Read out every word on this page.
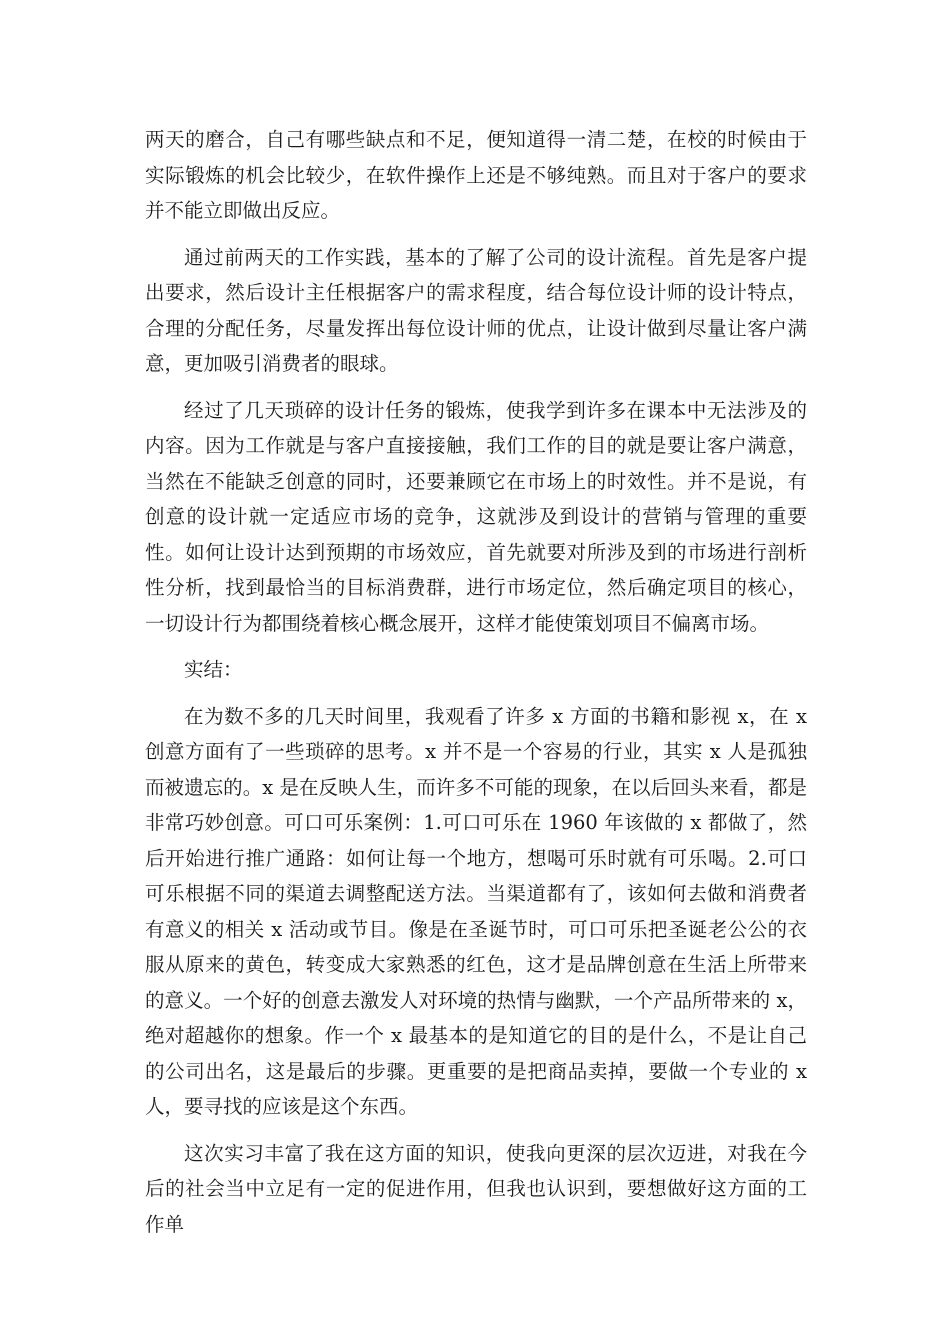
两天的磨合，自己有哪些缺点和不足，便知道得一清二楚，在校的时候由于实际锻炼的机会比较少，在软件操作上还是不够纯熟。而且对于客户的要求并不能立即做出反应。

通过前两天的工作实践，基本的了解了公司的设计流程。首先是客户提出要求，然后设计主任根据客户的需求程度，结合每位设计师的设计特点，合理的分配任务，尽量发挥出每位设计师的优点，让设计做到尽量让客户满意，更加吸引消费者的眼球。

经过了几天琐碎的设计任务的锻炼，使我学到许多在课本中无法涉及的内容。因为工作就是与客户直接接触，我们工作的目的就是要让客户满意，当然在不能缺乏创意的同时，还要兼顾它在市场上的时效性。并不是说，有创意的设计就一定适应市场的竞争，这就涉及到设计的营销与管理的重要性。如何让设计达到预期的市场效应，首先就要对所涉及到的市场进行剖析性分析，找到最恰当的目标消费群，进行市场定位，然后确定项目的核心，一切设计行为都围绕着核心概念展开，这样才能使策划项目不偏离市场。

实结：

在为数不多的几天时间里，我观看了许多 x 方面的书籍和影视 x，在 x 创意方面有了一些琐碎的思考。x 并不是一个容易的行业，其实 x 人是孤独而被遗忘的。x 是在反映人生，而许多不可能的现象，在以后回头来看，都是非常巧妙创意。可口可乐案例：1.可口可乐在 1960 年该做的 x 都做了，然后开始进行推广通路：如何让每一个地方，想喝可乐时就有可乐喝。2.可口可乐根据不同的渠道去调整配送方法。当渠道都有了，该如何去做和消费者有意义的相关 x 活动或节目。像是在圣诞节时，可口可乐把圣诞老公公的衣服从原来的黄色，转变成大家熟悉的红色，这才是品牌创意在生活上所带来的意义。一个好的创意去激发人对环境的热情与幽默，一个产品所带来的 x，绝对超越你的想象。作一个 x 最基本的是知道它的目的是什么，不是让自己的公司出名，这是最后的步骤。更重要的是把商品卖掉，要做一个专业的 x 人，要寻找的应该是这个东西。

这次实习丰富了我在这方面的知识，使我向更深的层次迈进，对我在今后的社会当中立足有一定的促进作用，但我也认识到，要想做好这方面的工作单
